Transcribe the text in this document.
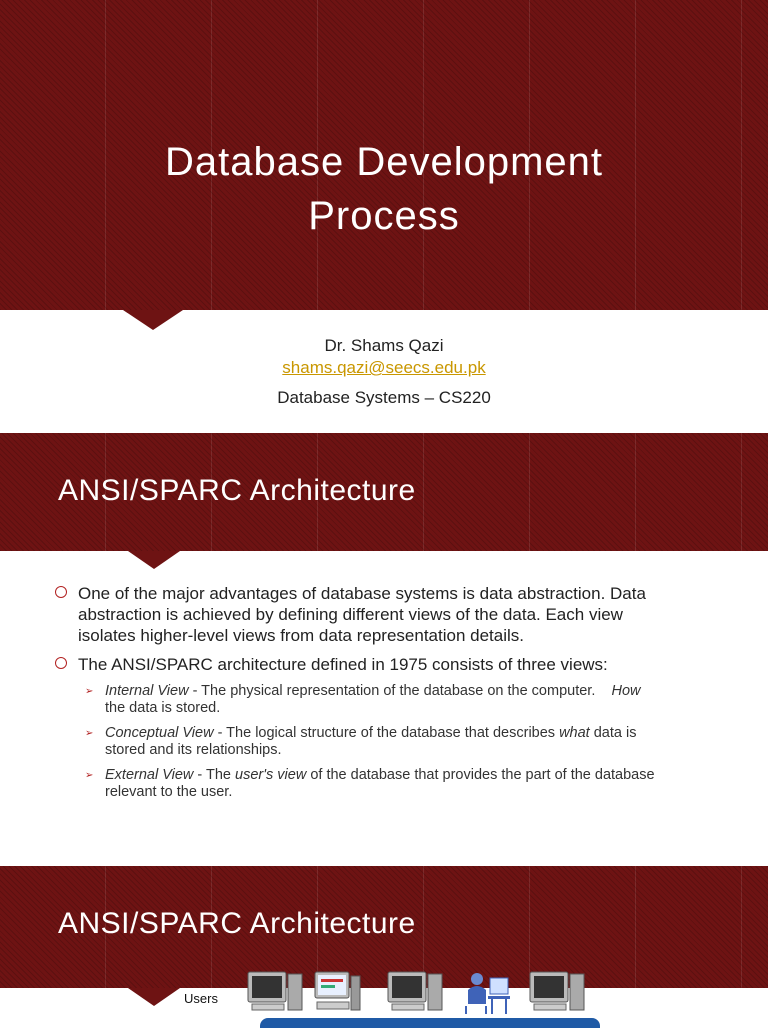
Database Development
Process
Dr. Shams Qazi
shams.qazi@seecs.edu.pk
Database Systems – CS220
ANSI/SPARC Architecture
One of the major advantages of database systems is data abstraction. Data abstraction is achieved by defining different views of the data. Each view isolates higher-level views from data representation details.
The ANSI/SPARC architecture defined in 1975 consists of three views:
➢ Internal View - The physical representation of the database on the computer.    How the data is stored.
➢ Conceptual View - The logical structure of the database that describes what data is stored and its relationships.
➢ External View - The user's view of the database that provides the part of the database relevant to the user.
ANSI/SPARC Architecture
Users
